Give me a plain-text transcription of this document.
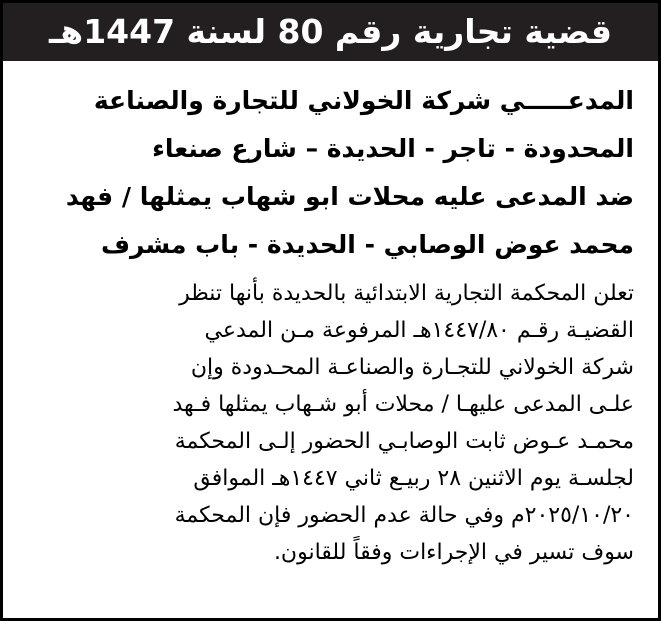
قضية تجارية رقم 80 لسنة 1447هـ
المدعـــــي شركة الخولاني للتجارة والصناعة
المحدودة - تاجر - الحديدة – شارع صنعاء
ضد المدعى عليه محلات ابو شهاب يمثلها / فهد
محمد عوض الوصابي - الحديدة - باب مشرف
تعلن المحكمة التجارية الابتدائية بالحديدة بأنها تنظر
القضيـة رقـم ١٤٤٧/٨٠هـ المرفوعة مـن المدعي
شركة الخولاني للتجـارة والصناعـة المحـدودة وإن
علـى المدعى عليهـا / محلات أبو شـهاب يمثلها فـهد
محمـد عـوض ثابت الوصابـي الحضور إلـى المحكمة
لجلسـة يوم الاثنين ٢٨ ربيـع ثاني ١٤٤٧هـ الموافق
٢٠٢٥/١٠/٢٠م وفي حالة عدم الحضور فإن المحكمة
سوف تسير في الإجراءات وفقاً للقانون.
